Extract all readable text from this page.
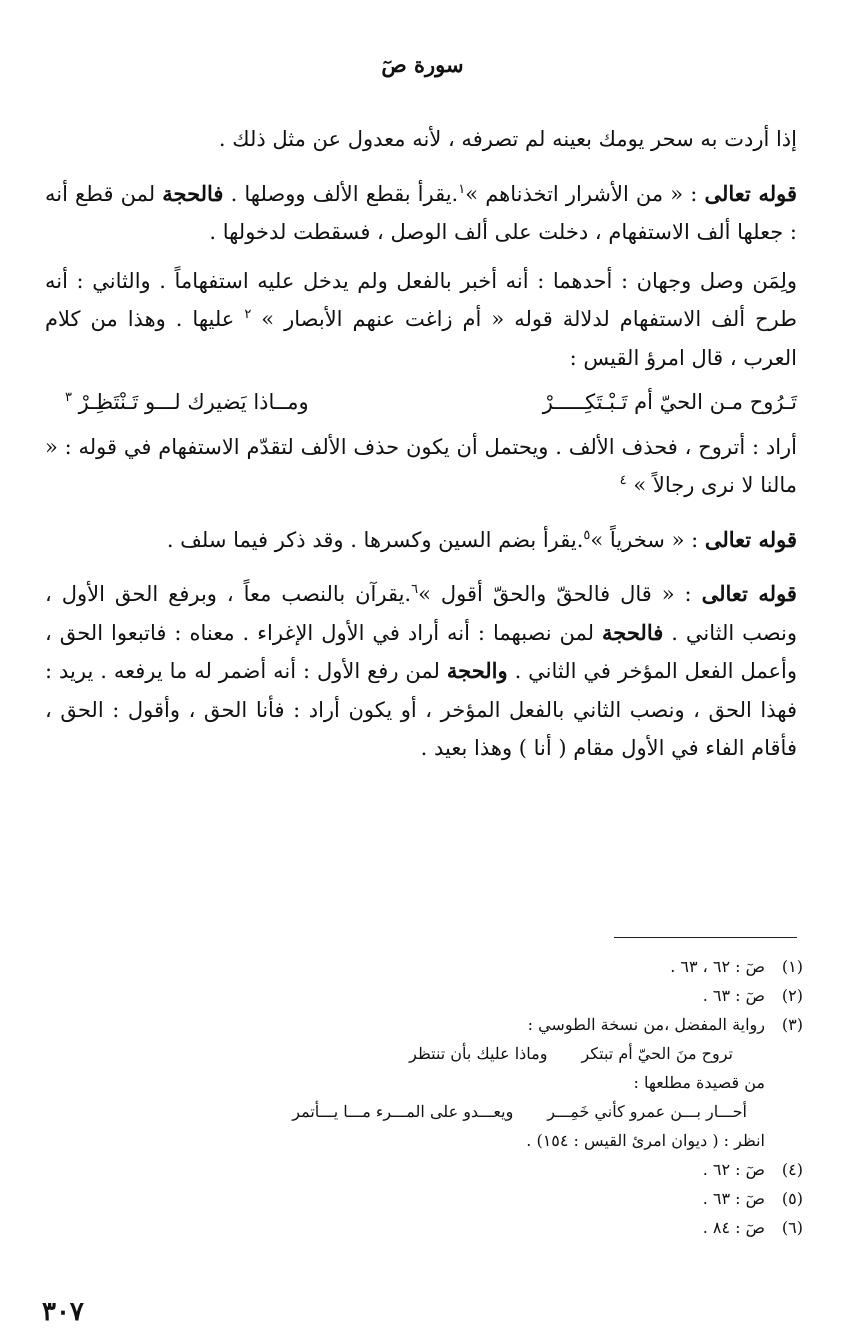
سورة صٓ

إذا أردت به سحر يومك بعينه لم تصرفه ، لأنه معدول عن مثل ذلك .

قوله تعالى : « من الأشرار اتخذناهم »$^١$.يقرأ بقطع الألف ووصلها . فالحجة لمن قطع أنه : جعلها ألف الاستفهام ، دخلت على ألف الوصل ، فسقطت لدخولها .

ولِمَن وصل وجهان : أحدهما : أنه أخبر بالفعل ولم يدخل عليه استفهاماً . والثاني : أنه طرح ألف الاستفهام لدلالة قوله « أم زاغت عنهم الأبصار » $^٢$ عليها . وهذا من كلام العرب ، قال امرؤ القيس :

تَـرُوح مـن الحيّ أم تَـبْـتَكِـــــرْ
ومــاذا يَضيرك لـــو تَـنْتَظِـرْ $^٣$

أراد : أتروح ، فحذف الألف . ويحتمل أن يكون حذف الألف لتقدّم الاستفهام في قوله : « مالنا لا نرى رجالاً » $^٤$

قوله تعالى : « سخرياً »$^٥$.يقرأ بضم السين وكسرها . وقد ذكر فيما سلف .

قوله تعالى : « قال فالحقّ والحقّ أقول »$^٦$.يقرآن بالنصب معاً ، وبرفع الحق الأول ، ونصب الثاني . فالحجة لمن نصبهما : أنه أراد في الأول الإغراء . معناه : فاتبعوا الحق ، وأعمل الفعل المؤخر في الثاني . والحجة لمن رفع الأول : أنه أضمر له ما يرفعه . يريد : فهذا الحق ، ونصب الثاني بالفعل المؤخر ، أو يكون أراد : فأنا الحق ، وأقول : الحق ، فأقام الفاء في الأول مقام ( أنا ) وهذا بعيد .

(١)
صٓ : ٦٢ ، ٦٣ .
(٢)
صٓ : ٦٣ .
(٣)
رواية المفضل ،من نسخة الطوسي :
تروح منَ الحيّ أم تبتكر
وماذا عليك بأن تنتظر
من قصيدة مطلعها :
أحـــار بـــن عمرو كأني خَمِـــر
ويعـــدو على المـــرء مـــا يـــأتمر
انظر : ( ديوان امرئ القيس : ١٥٤) .
(٤)
صٓ : ٦٢ .
(٥)
صٓ : ٦٣ .
(٦)
صٓ : ٨٤ .
٣٠٧
